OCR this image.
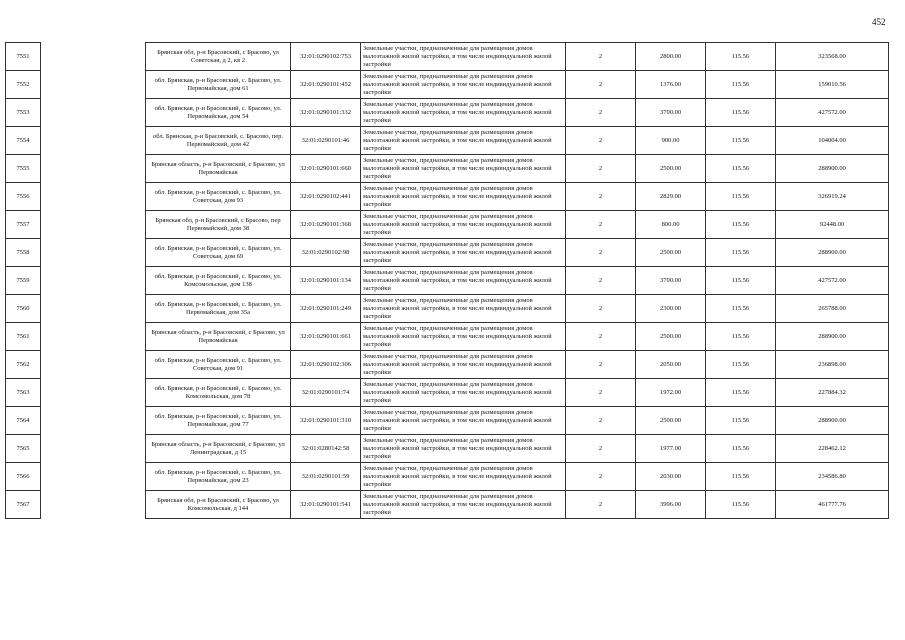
452
7551		Брянская обл, р-н Брасовский, с Брасово, ул Советская, д 2, кв 2	32:01:0290102:753	Земельные участки, предназначенные для размещения домов малоэтажной жилой застройки, в том числе индивидуальной жилой застройки	2	2800.00	115.56	323568.00
7552		обл. Брянская, р-н Брасовский, с. Брасово, ул. Первомайская, дом 61	32:01:0290101:452	Земельные участки, предназначенные для размещения домов малоэтажной жилой застройки, в том числе индивидуальной жилой застройки	2	1376.00	115.56	159010.56
7553		обл. Брянская, р-н Брасовский, с. Брасово, ул. Первомайская, дом 54	32:01:0290101:332	Земельные участки, предназначенные для размещения домов малоэтажной жилой застройки, в том числе индивидуальной жилой застройки	2	3700.00	115.56	427572.00
7554		обл. Брянская, р-н Брасовский, с. Брасово, пер. Первомайский, дом 42	32:01:0290101:46	Земельные участки, предназначенные для размещения домов малоэтажной жилой застройки, в том числе индивидуальной жилой застройки	2	900.00	115.56	104004.00
7555		Брянская область, р-н Брасовский, с Брасово, ул Первомайская	32:01:0290101:660	Земельные участки, предназначенные для размещения домов малоэтажной жилой застройки, в том числе индивидуальной жилой застройки	2	2500.00	115.56	288900.00
7556		обл. Брянская, р-н Брасовский, с. Брасово, ул. Советская, дом 93	32:01:0290102:441	Земельные участки, предназначенные для размещения домов малоэтажной жилой застройки, в том числе индивидуальной жилой застройки	2	2829.00	115.56	326919.24
7557		Брянская обл, р-н Брасовский, с Брасово, пер Первомайский, дом 38	32:01:0290101:368	Земельные участки, предназначенные для размещения домов малоэтажной жилой застройки, в том числе индивидуальной жилой застройки	2	800.00	115.56	92448.00
7558		обл. Брянская, р-н Брасовский, с. Брасово, ул. Советская, дом 69	32:01:0290102:98	Земельные участки, предназначенные для размещения домов малоэтажной жилой застройки, в том числе индивидуальной жилой застройки	2	2500.00	115.56	288900.00
7559		обл. Брянская, р-н Брасовский, с. Брасово, ул. Комсомольская, дом 138	32:01:0290101:134	Земельные участки, предназначенные для размещения домов малоэтажной жилой застройки, в том числе индивидуальной жилой застройки	2	3700.00	115.56	427572.00
7560		обл. Брянская, р-н Брасовский, с. Брасово, ул. Первомайская, дом 35а	32:01:0290101:249	Земельные участки, предназначенные для размещения домов малоэтажной жилой застройки, в том числе индивидуальной жилой застройки	2	2300.00	115.56	265788.00
7561		Брянская область, р-н Брасовский, с Брасово, ул Первомайская	32:01:0290101:661	Земельные участки, предназначенные для размещения домов малоэтажной жилой застройки, в том числе индивидуальной жилой застройки	2	2500.00	115.56	288900.00
7562		обл. Брянская, р-н Брасовский, с. Брасово, ул. Советская, дом 91	32:01:0290102:306	Земельные участки, предназначенные для размещения домов малоэтажной жилой застройки, в том числе индивидуальной жилой застройки	2	2050.00	115.56	236898.00
7563		обл. Брянская, р-н Брасовский, с. Брасово, ул. Комсомольская, дом 78	32:01:0290101:74	Земельные участки, предназначенные для размещения домов малоэтажной жилой застройки, в том числе индивидуальной жилой застройки	2	1972.00	115.56	227884.32
7564		обл. Брянская, р-н Брасовский, с. Брасово, ул. Первомайская, дом 77	32:01:0290101:310	Земельные участки, предназначенные для размещения домов малоэтажной жилой застройки, в том числе индивидуальной жилой застройки	2	2500.00	115.56	288900.00
7565		Брянская область, р-н Брасовский, с Брасово, ул Ленинградская, д 15	32:01:0280142:58	Земельные участки, предназначенные для размещения домов малоэтажной жилой застройки, в том числе индивидуальной жилой застройки	2	1977.00	115.56	228462.12
7566		обл. Брянская, р-н Брасовский, с. Брасово, ул. Первомайская, дом 23	32:01:0290101:59	Земельные участки, предназначенные для размещения домов малоэтажной жилой застройки, в том числе индивидуальной жилой застройки	2	2030.00	115.56	234586.80
7567		Брянская обл, р-н Брасовский, с Брасово, ул Комсомольская, д 144	32:01:0290101:541	Земельные участки, предназначенные для размещения домов малоэтажной жилой застройки, в том числе индивидуальной жилой застройки	2	3996.00	115.56	461777.76
